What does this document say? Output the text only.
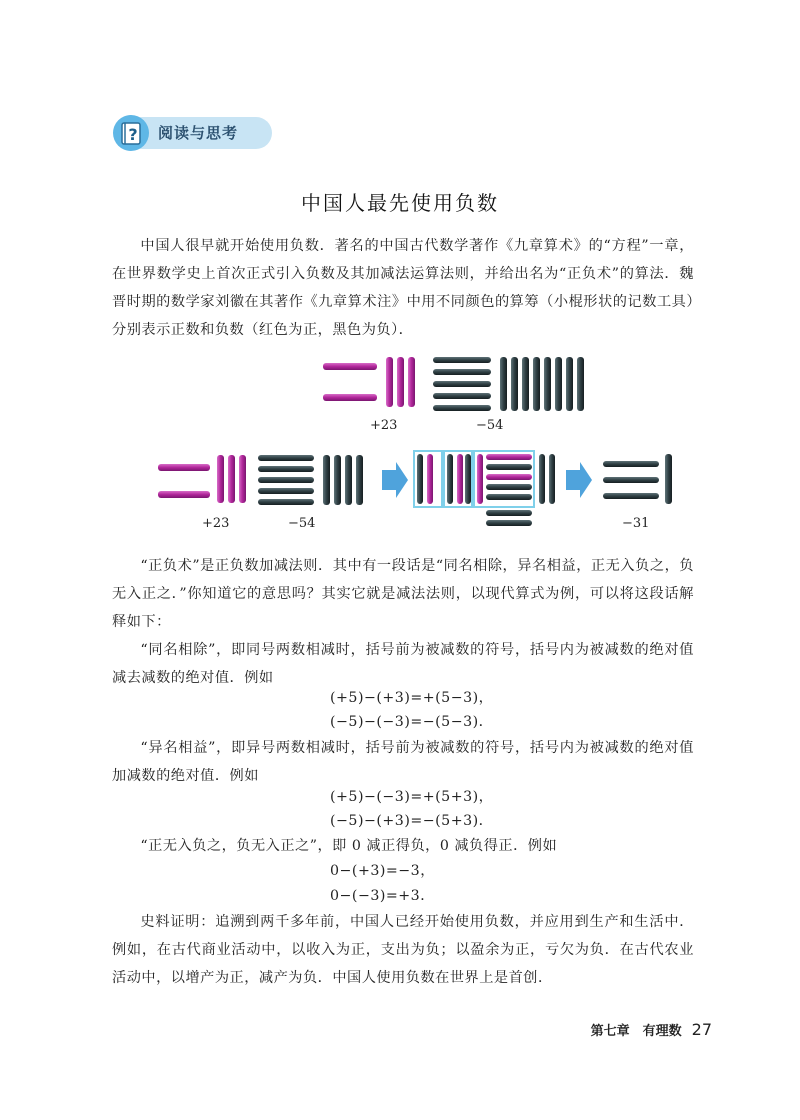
? 阅读与思考
中国人最先使用负数

中国人很早就开始使用负数．著名的中国古代数学著作《九章算术》的“方程”一章，在世界数学史上首次正式引入负数及其加减法运算法则，并给出名为“正负术”的算法．魏晋时期的数学家刘徽在其著作《九章算术注》中用不同颜色的算筹（小棍形状的记数工具）分别表示正数和负数（红色为正，黑色为负）．

+23	−54
+23	−54	−31

“正负术”是正负数加减法则．其中有一段话是“同名相除，异名相益，正无入负之，负无入正之．”你知道它的意思吗？其实它就是减法法则，以现代算式为例，可以将这段话解释如下：

“同名相除”，即同号两数相减时，括号前为被减数的符号，括号内为被减数的绝对值减去减数的绝对值．例如

(+5)−(+3)=+(5−3)，
(−5)−(−3)=−(5−3)．

“异名相益”，即异号两数相减时，括号前为被减数的符号，括号内为被减数的绝对值加减数的绝对值．例如

(+5)−(−3)=+(5+3)，
(−5)−(+3)=−(5+3)．

“正无入负之，负无入正之”，即 0 减正得负，0 减负得正．例如

0−(+3)=−3，
0−(−3)=+3．

史料证明：追溯到两千多年前，中国人已经开始使用负数，并应用到生产和生活中．例如，在古代商业活动中，以收入为正，支出为负；以盈余为正，亏欠为负．在古代农业活动中，以增产为正，减产为负．中国人使用负数在世界上是首创．

第七章　有理数 27
